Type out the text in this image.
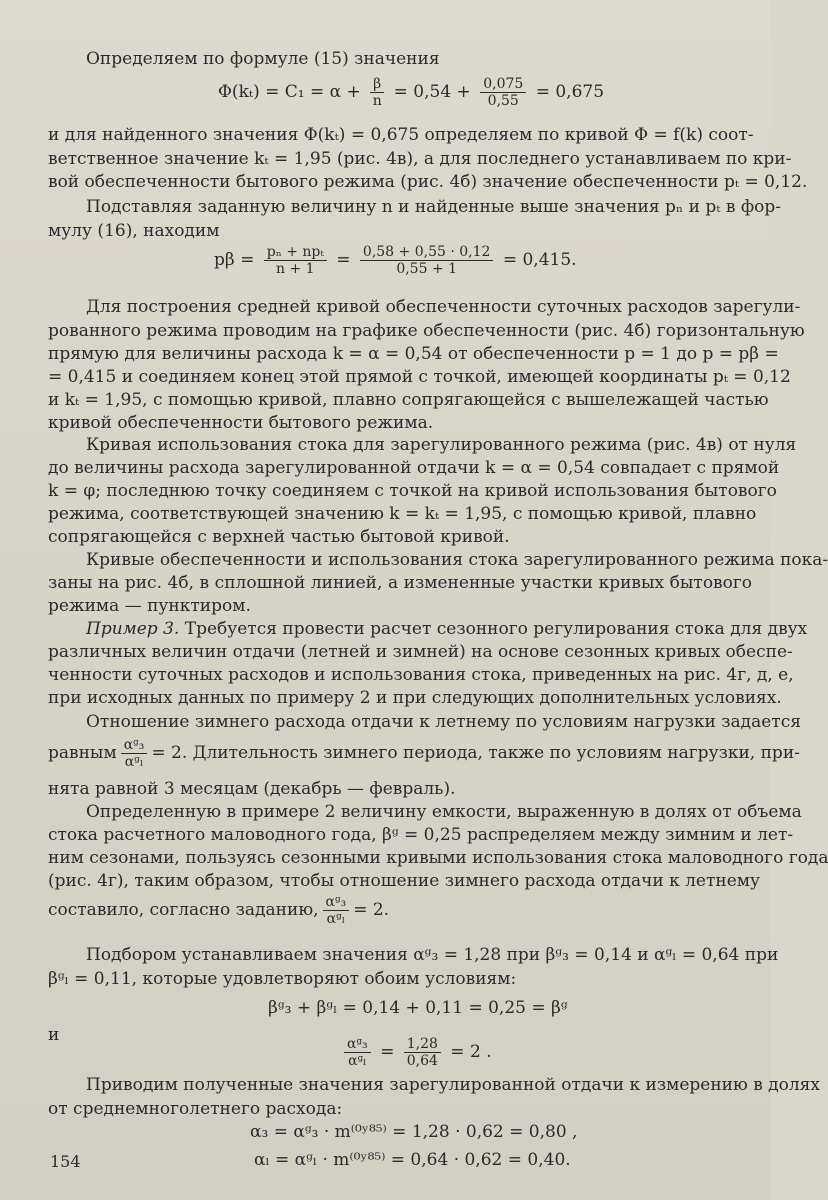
Определяем по формуле (15) значения
$\Phi(k_t) = C_1 = \alpha + \frac{\beta}{n} = 0,54 + \frac{0,075}{0,55} = 0,675$
и для найденного значения Φ(kₜ) = 0,675 определяем по кривой Φ = f(k) соот-
ветственное значение kₜ = 1,95 (рис. 4в), а для последнего устанавливаем по кри-
вой обеспеченности бытового режима (рис. 4б) значение обеспеченности pₜ = 0,12.
Подставляя заданную величину n и найденные выше значения pₙ и pₜ в фор-
мулу (16), находим
$p\beta = \frac{\text{pₙ + npₜ}}{n + 1} = \frac{0,58 + 0,55 \cdot 0,12}{0,55 + 1} = 0,415$.
Для построения средней кривой обеспеченности суточных расходов зарегули-
рованного режима проводим на графике обеспеченности (рис. 4б) горизонтальную
прямую для величины расхода k = α = 0,54 от обеспеченности p = 1 до p = pβ =
= 0,415 и соединяем конец этой прямой с точкой, имеющей координаты pₜ = 0,12
и kₜ = 1,95, с помощью кривой, плавно сопрягающейся с вышележащей частью
кривой обеспеченности бытового режима.
Кривая использования стока для зарегулированного режима (рис. 4в) от нуля
до величины расхода зарегулированной отдачи k = α = 0,54 совпадает с прямой
k = φ; последнюю точку соединяем с точкой на кривой использования бытового
режима, соответствующей значению k = kₜ = 1,95, с помощью кривой, плавно
сопрягающейся с верхней частью бытовой кривой.
Кривые обеспеченности и использования стока зарегулированного режима пока-
заны на рис. 4б, в сплошной линией, а измененные участки кривых бытового
режима — пунктиром.
Пример 3. Требуется провести расчет сезонного регулирования стока для двух
различных величин отдачи (летней и зимней) на основе сезонных кривых обеспе-
ченности суточных расходов и использования стока, приведенных на рис. 4г, д, е,
при исходных данных по примеру 2 и при следующих дополнительных условиях.
Отношение зимнего расхода отдачи к летнему по условиям нагрузки задается
равным $\frac{\text{αᵍ₃}}{\text{αᵍₗ}} = 2$. Длительность зимнего периода, также по условиям нагрузки, при-
нята равной 3 месяцам (декабрь — февраль).
Определенную в примере 2 величину емкости, выраженную в долях от объема
стока расчетного маловодного года, βᵍ = 0,25 распределяем между зимним и лет-
ним сезонами, пользуясь сезонными кривыми использования стока маловодного года
(рис. 4г), таким образом, чтобы отношение зимнего расхода отдачи к летнему
составило, согласно заданию, $\frac{\text{αᵍ₃}}{\text{αᵍₗ}} = 2$.
Подбором устанавливаем значения αᵍ₃ = 1,28 при βᵍ₃ = 0,14 и αᵍₗ = 0,64 при
βᵍₗ = 0,11, которые удовлетворяют обоим условиям:
βᵍ₃ + βᵍₗ = 0,14 + 0,11 = 0,25 = βᵍ
и
$\frac{\text{αᵍ₃}}{\text{αᵍₗ}} = \frac{1,28}{0,64} = 2$ .
Приводим полученные значения зарегулированной отдачи к измерению в долях
от среднемноголетнего расхода:
α₃ = αᵍ₃ · m⁽⁰ʸ⁸⁵⁾ = 1,28 · 0,62 = 0,80 ,
αₗ = αᵍₗ · m⁽⁰ʸ⁸⁵⁾ = 0,64 · 0,62 = 0,40.
154
